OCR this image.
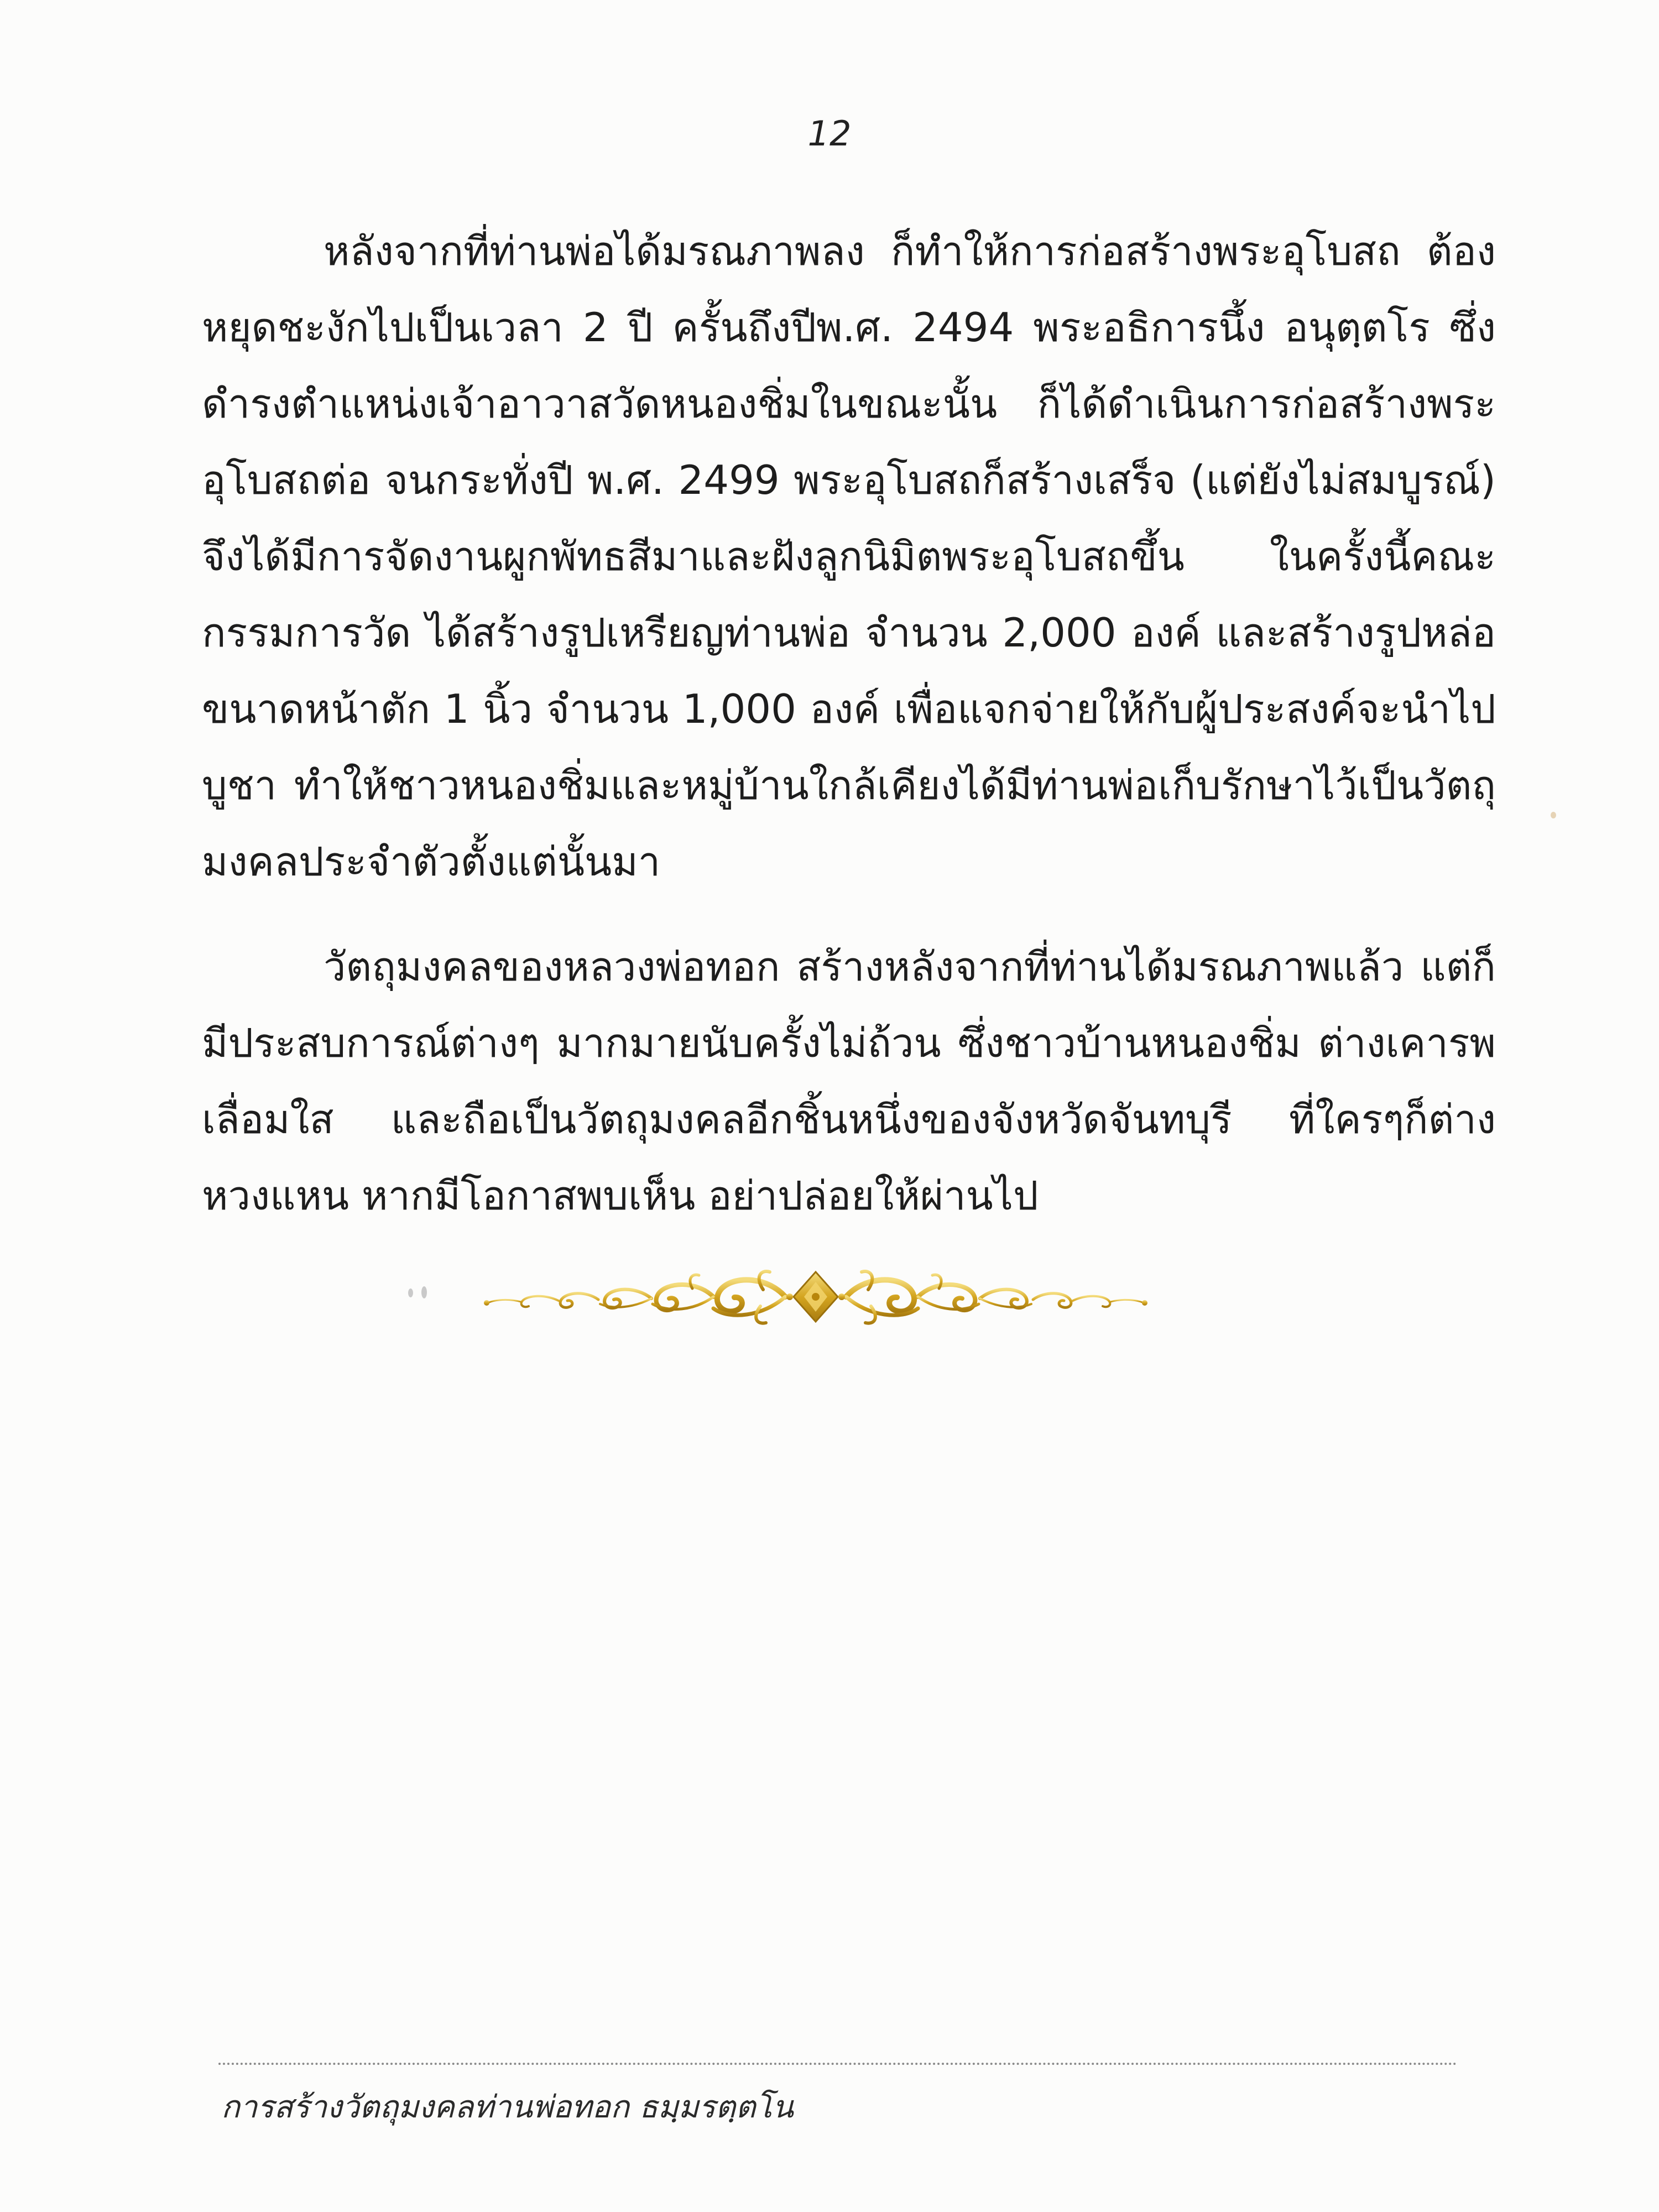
12

หลังจากที่ท่านพ่อได้มรณภาพลง ก็ทำให้การก่อสร้างพระอุโบสถ ต้องหยุดชะงักไปเป็นเวลา 2 ปี ครั้นถึงปีพ.ศ. 2494 พระอธิการนึ้ง อนุตฺตโร ซึ่งดำรงตำแหน่งเจ้าอาวาสวัดหนองชิ่มในขณะนั้น ก็ได้ดำเนินการก่อสร้างพระอุโบสถต่อ จนกระทั่งปี พ.ศ. 2499 พระอุโบสถก็สร้างเสร็จ (แต่ยังไม่สมบูรณ์) จึงได้มีการจัดงานผูกพัทธสีมาและฝังลูกนิมิตพระอุโบสถขึ้น ในครั้งนี้คณะกรรมการวัด ได้สร้างรูปเหรียญท่านพ่อ จำนวน 2,000 องค์ และสร้างรูปหล่อขนาดหน้าตัก 1 นิ้ว จำนวน 1,000 องค์ เพื่อแจกจ่ายให้กับผู้ประสงค์จะนำไปบูชา ทำให้ชาวหนองชิ่มและหมู่บ้านใกล้เคียงได้มีท่านพ่อเก็บรักษาไว้เป็นวัตถุมงคลประจำตัวตั้งแต่นั้นมา

วัตถุมงคลของหลวงพ่อทอก สร้างหลังจากที่ท่านได้มรณภาพแล้ว แต่ก็มีประสบการณ์ต่างๆ มากมายนับครั้งไม่ถ้วน ซึ่งชาวบ้านหนองชิ่ม ต่างเคารพเลื่อมใส และถือเป็นวัตถุมงคลอีกชิ้นหนึ่งของจังหวัดจันทบุรี ที่ใครๆก็ต่างหวงแหน หากมีโอกาสพบเห็น อย่าปล่อยให้ผ่านไป

การสร้างวัตถุมงคลท่านพ่อทอก ธมฺมรตฺตโน
